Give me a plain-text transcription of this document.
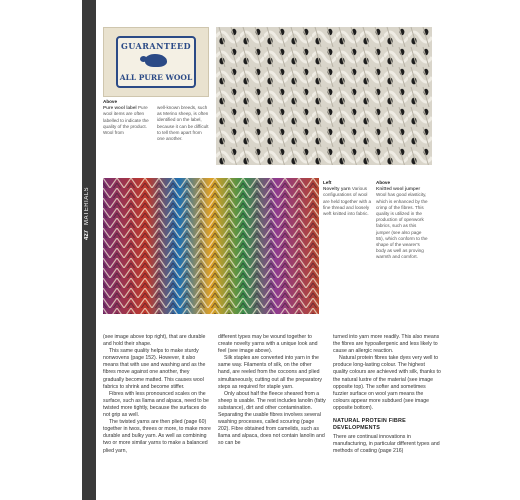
MATERIALS
427
GUARANTEED
ALL PURE WOOL
Above
Pure wool label Pure wool items are often labelled to indicate the quality of the product. Wool from
well-known breeds, such as Merino sheep, is often identified on the label, because it can be difficult to tell them apart from one another.
Left
Novelty yarn Various configurations of wool are held together with a fine thread and loosely weft knitted into fabric.
Above
Knitted wool jumper Wool has good elasticity, which is enhanced by the crimp of the fibres. This quality is utilized in the production of openwork fabrics, such as this jumper (see also page 55), which conform to the shape of the wearer's body as well as proving warmth and comfort.

(see image above top right), that are durable and hold their shape.

This same quality helps to make sturdy nonwovens (page 152). However, it also means that with use and washing and as the fibres move against one another, they gradually become matted. This causes wool fabrics to shrink and become stiffer.

Fibres with less pronounced scales on the surface, such as llama and alpaca, need to be twisted more tightly, because the surfaces do not grip as well.

The twisted yarns are then plied (page 60) together in twos, threes or more, to make more durable and bulky yarn. As well as combining two or more similar yarns to make a balanced plied yarn,

different types may be wound together to create novelty yarns with a unique look and feel (see image above).

Silk staples are converted into yarn in the same way. Filaments of silk, on the other hand, are reeled from the cocoons and plied simultaneously, cutting out all the preparatory steps as required for staple yarn.

Only about half the fleece sheared from a sheep is usable. The rest includes lanolin (fatty substance), dirt and other contamination. Separating the usable fibres involves several washing processes, called scouring (page 202). Fibre obtained from camelids, such as llama and alpaca, does not contain lanolin and so can be

turned into yarn more readily. This also means the fibres are hypoallergenic and less likely to cause an allergic reaction.

Natural protein fibres take dyes very well to produce long-lasting colour. The highest quality colours are achieved with silk, thanks to the natural lustre of the material (see image opposite top). The softer and sometimes fuzzier surface on wool yarn means the colours appear more subdued (see image opposite bottom).

NATURAL PROTEIN FIBRE DEVELOPMENTS

There are continual innovations in manufacturing, in particular different types and methods of coating (page 216)
